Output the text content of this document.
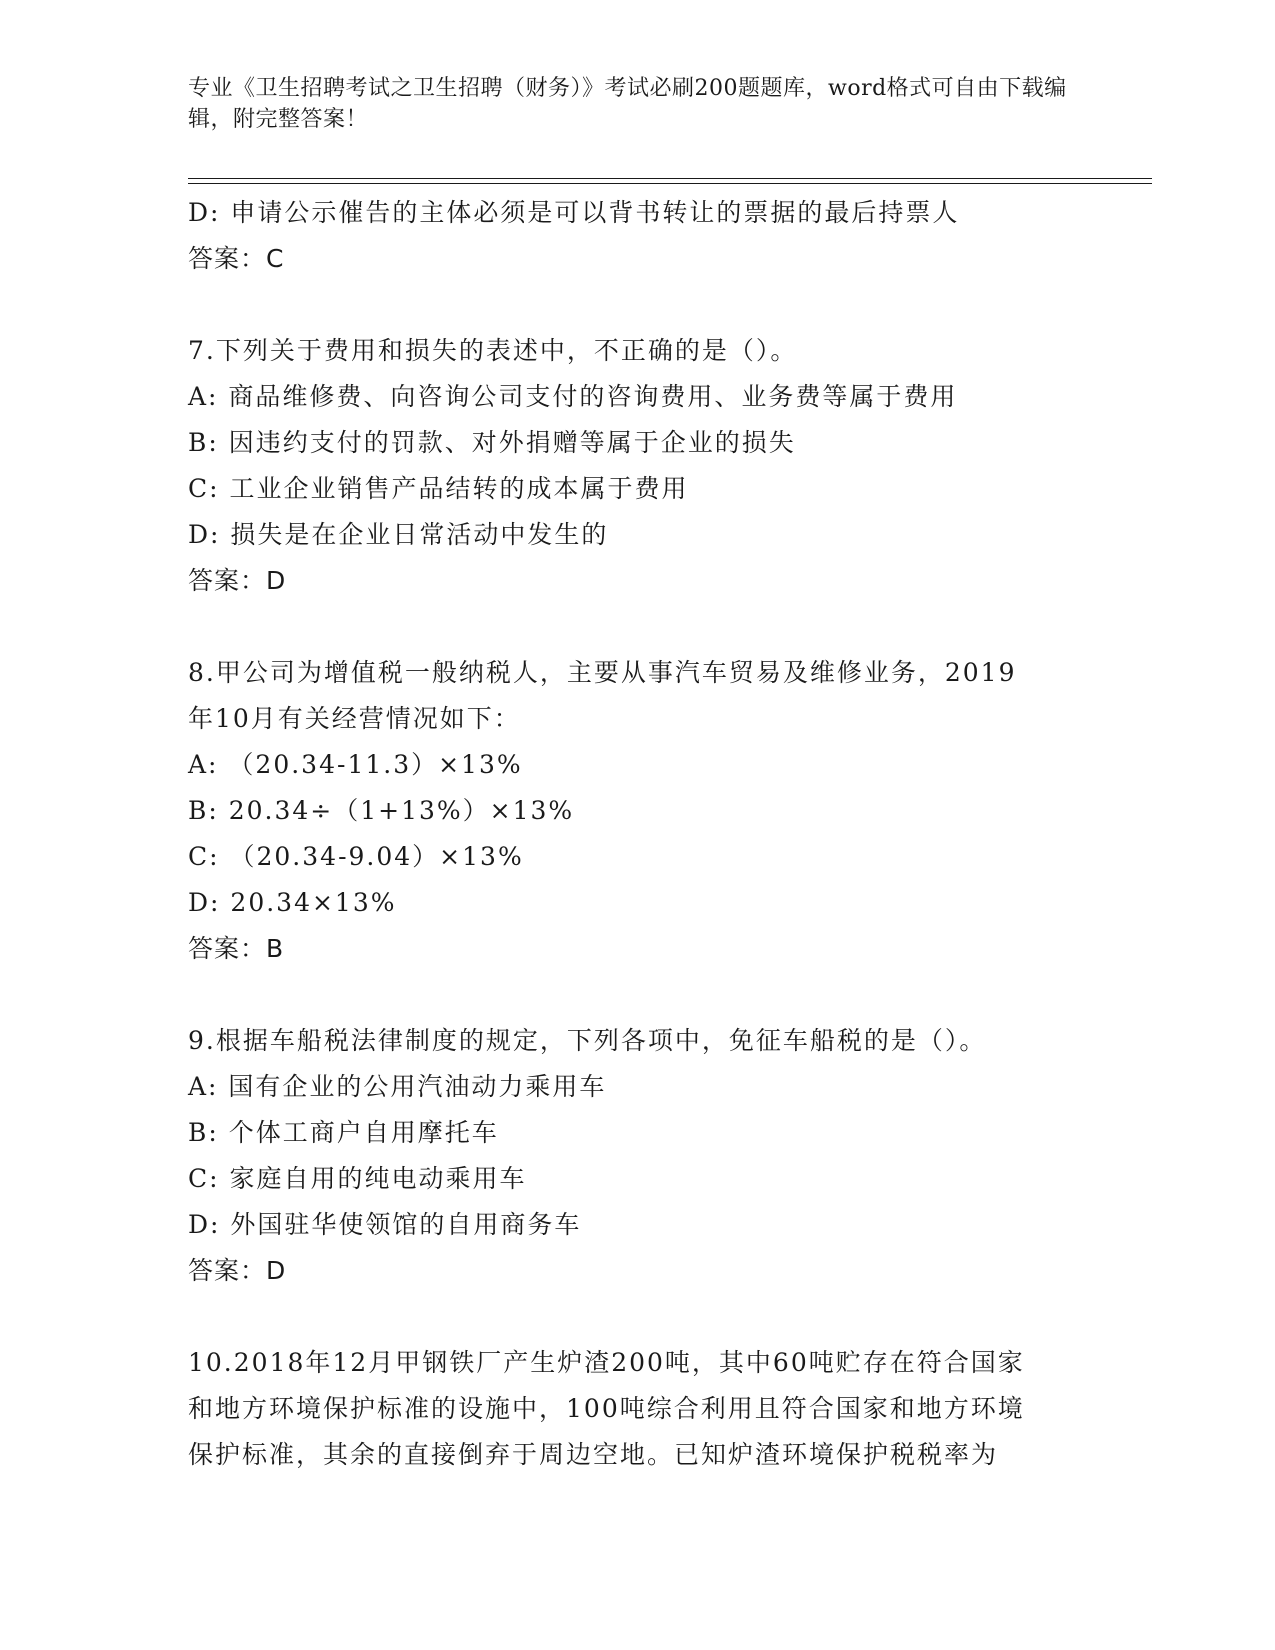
专业《卫生招聘考试之卫生招聘（财务）》考试必刷200题题库，word格式可自由下载编辑，附完整答案！
D: 申请公示催告的主体必须是可以背书转让的票据的最后持票人
答案：C
7.下列关于费用和损失的表述中，不正确的是（）。
A: 商品维修费、向咨询公司支付的咨询费用、业务费等属于费用
B: 因违约支付的罚款、对外捐赠等属于企业的损失
C: 工业企业销售产品结转的成本属于费用
D: 损失是在企业日常活动中发生的
答案：D
8.甲公司为增值税一般纳税人，主要从事汽车贸易及维修业务，2019
年10月有关经营情况如下：
A: （20.34-11.3）×13%
B: 20.34÷（1+13%）×13%
C: （20.34-9.04）×13%
D: 20.34×13%
答案：B
9.根据车船税法律制度的规定，下列各项中，免征车船税的是（）。
A: 国有企业的公用汽油动力乘用车
B: 个体工商户自用摩托车
C: 家庭自用的纯电动乘用车
D: 外国驻华使领馆的自用商务车
答案：D
10.2018年12月甲钢铁厂产生炉渣200吨，其中60吨贮存在符合国家
和地方环境保护标准的设施中，100吨综合利用且符合国家和地方环境
保护标准，其余的直接倒弃于周边空地。已知炉渣环境保护税税率为
